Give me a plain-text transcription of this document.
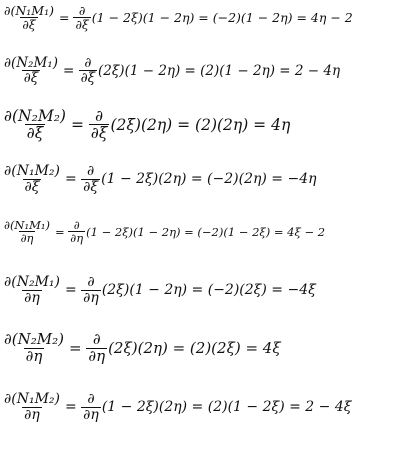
$\frac{\text{∂(N₁M₁)}}{\partial\xi} = \frac{\partial}{\partial\xi} (1 - 2\xi)(1 - 2\eta) = (-2)(1 - 2\eta) = 4\eta - 2$
$\frac{\text{∂(N₂M₁)}}{\partial\xi} = \frac{\partial}{\partial\xi} (2\xi)(1 - 2\eta) = (2)(1 - 2\eta) = 2 - 4\eta$
$\frac{\text{∂(N₂M₂)}}{\partial\xi} = \frac{\partial}{\partial\xi} (2\xi)(2\eta) = (2)(2\eta) = 4\eta$
$\frac{\text{∂(N₁M₂)}}{\partial\xi} = \frac{\partial}{\partial\xi} (1 - 2\xi)(2\eta) = (-2)(2\eta) = -4\eta$
$\frac{\text{∂(N₁M₁)}}{\partial\eta} = \frac{\partial}{\partial\eta} (1 - 2\xi)(1 - 2\eta) = (-2)(1 - 2\xi) = 4\xi - 2$
$\frac{\text{∂(N₂M₁)}}{\partial\eta} = \frac{\partial}{\partial\eta} (2\xi)(1 - 2\eta) = (-2)(2\xi) = -4\xi$
$\frac{\text{∂(N₂M₂)}}{\partial\eta} = \frac{\partial}{\partial\eta} (2\xi)(2\eta) = (2)(2\xi) = 4\xi$
$\frac{\text{∂(N₁M₂)}}{\partial\eta} = \frac{\partial}{\partial\eta} (1 - 2\xi)(2\eta) = (2)(1 - 2\xi) = 2 - 4\xi$
